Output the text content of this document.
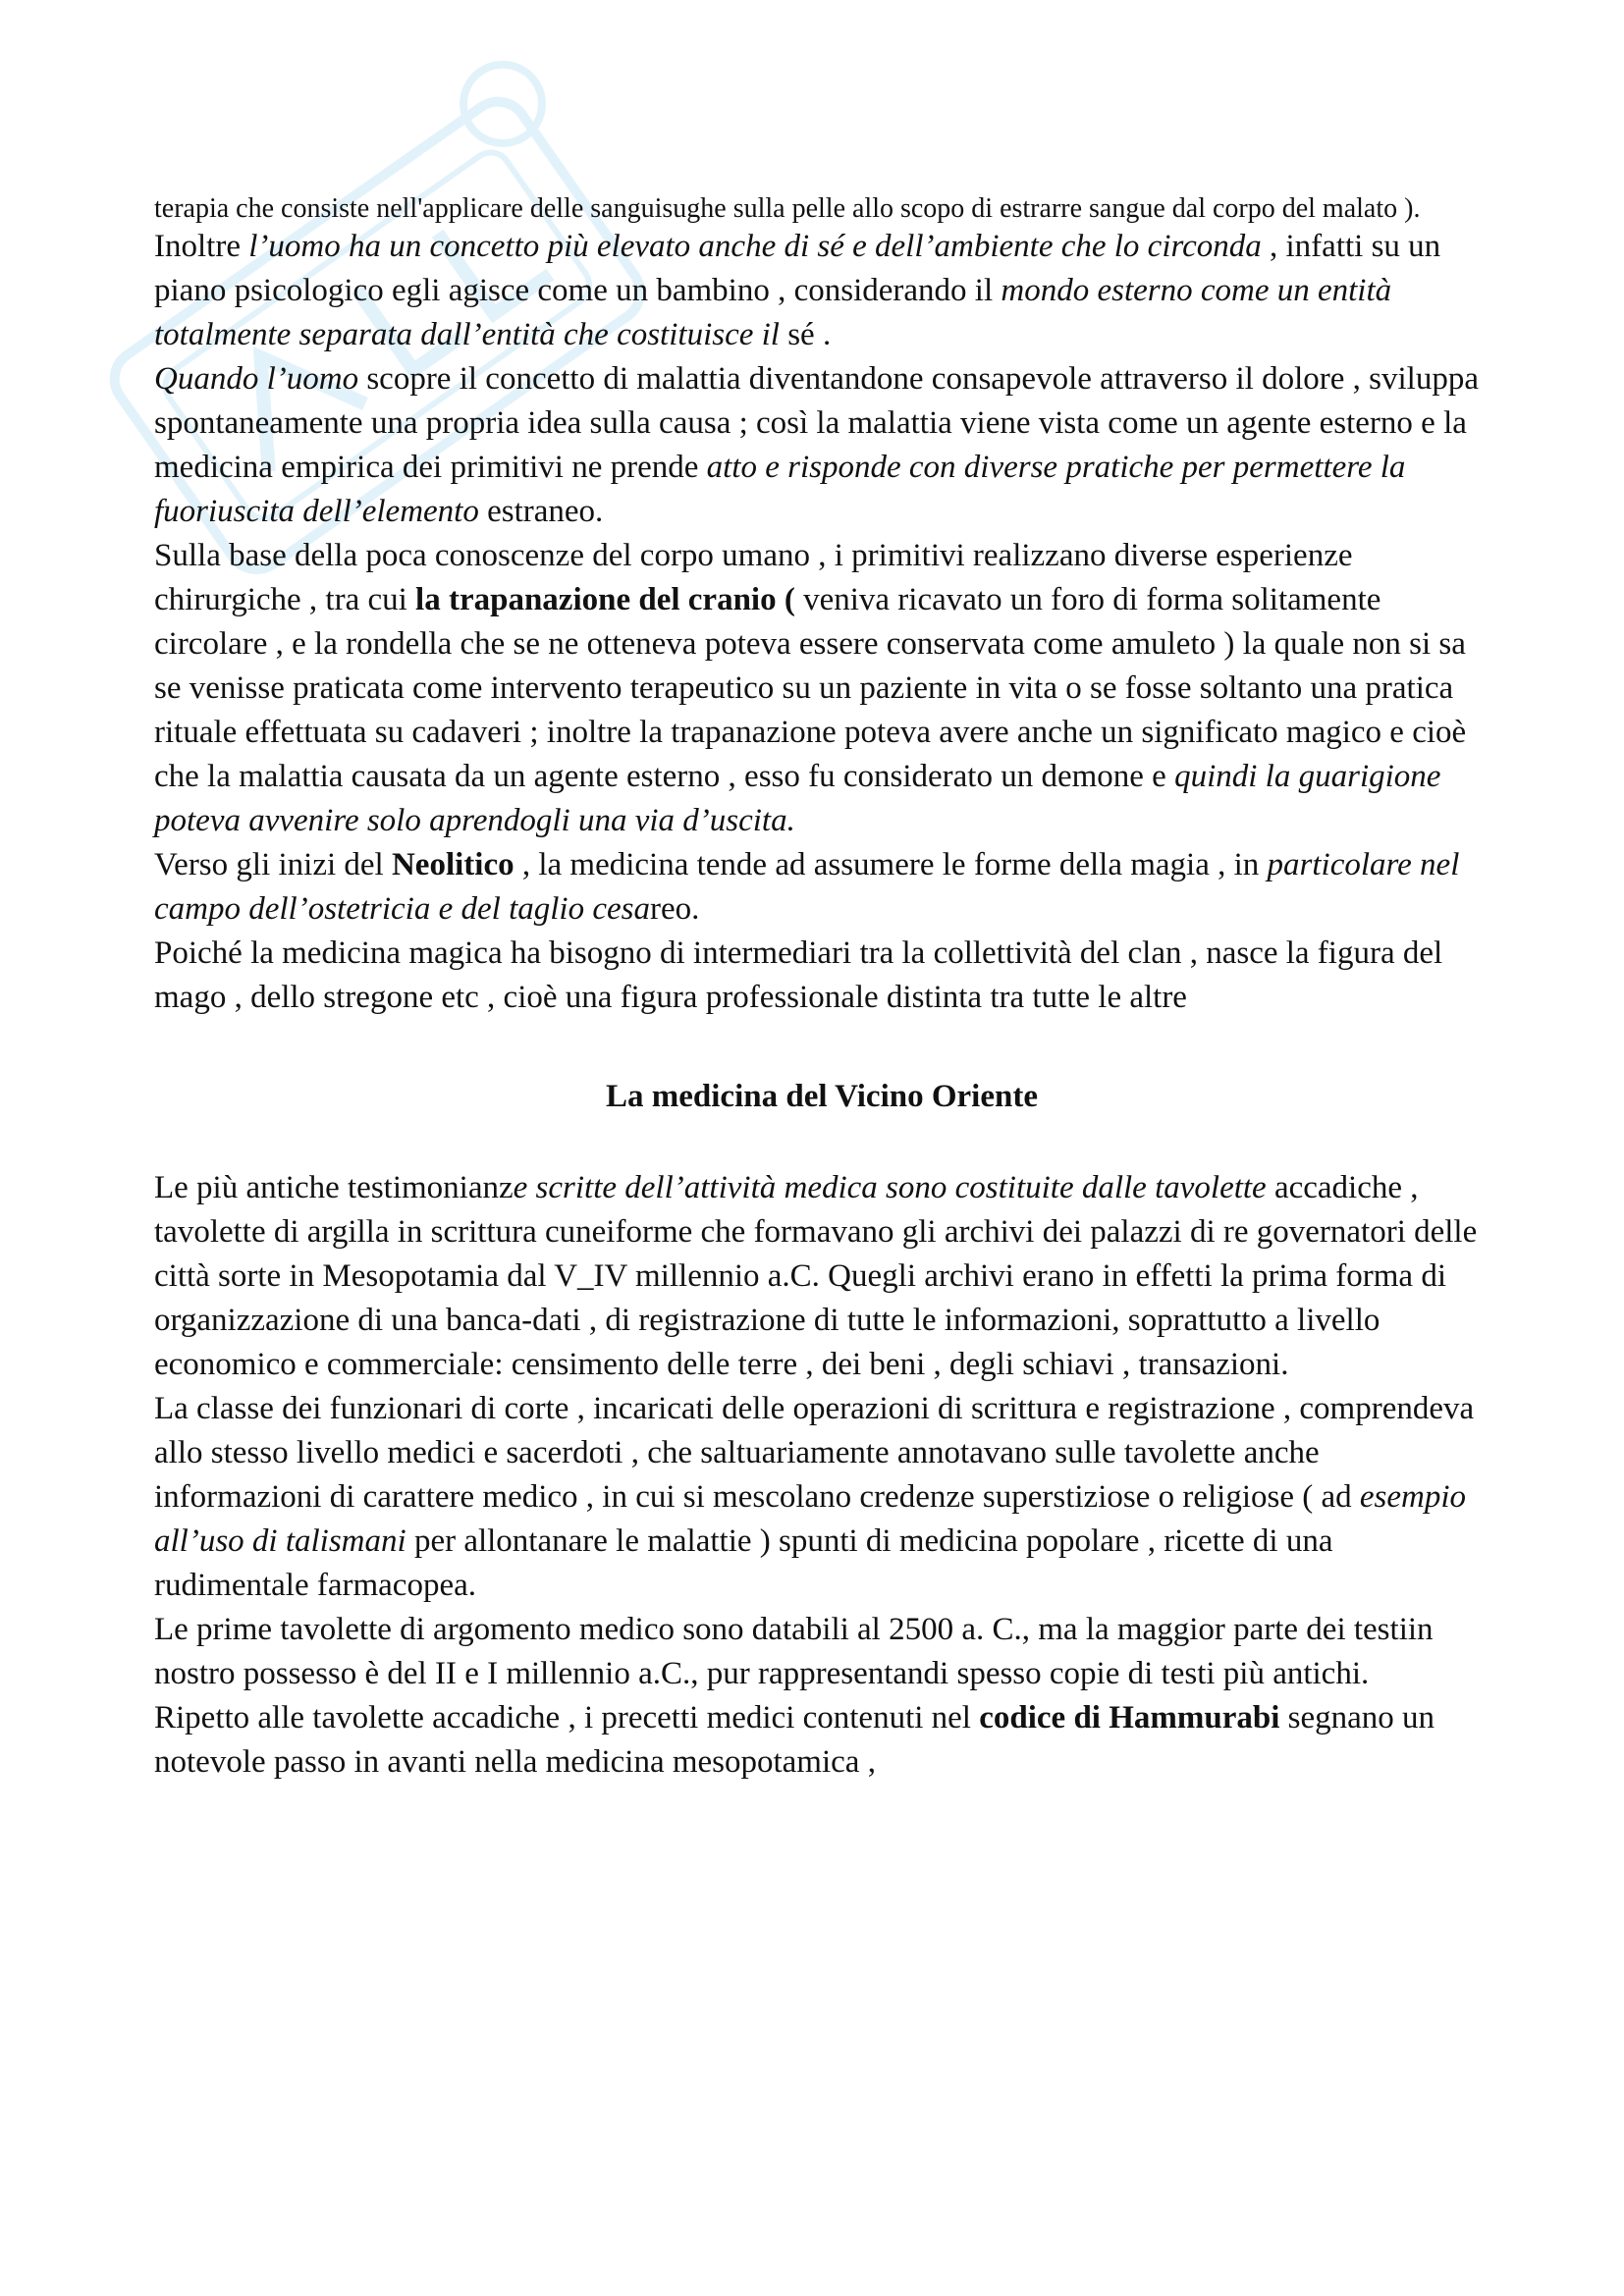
terapia che consiste nell'applicare delle sanguisughe sulla pelle allo scopo di estrarre sangue dal corpo del malato ).

Inoltre l’uomo ha un concetto più elevato anche di sé e dell’ambiente che lo circonda , infatti su un piano psicologico egli agisce come un bambino , considerando il mondo esterno come un entità totalmente separata dall’entità che costituisce il sé .

Quando l’uomo scopre il concetto di malattia diventandone consapevole attraverso il dolore , sviluppa spontaneamente una propria idea sulla causa ; così la malattia viene vista come un agente esterno e la medicina empirica dei primitivi ne prende atto e risponde con diverse pratiche per permettere la fuoriuscita dell’elemento estraneo.

Sulla base della poca conoscenze del corpo umano , i primitivi realizzano diverse esperienze chirurgiche , tra cui la trapanazione del cranio ( veniva ricavato un foro di forma solitamente circolare , e la rondella che se ne otteneva poteva essere conservata come amuleto ) la quale non si sa se venisse praticata come intervento terapeutico su un paziente in vita o se fosse soltanto una pratica rituale effettuata su cadaveri ; inoltre la trapanazione poteva avere anche un significato magico e cioè che la malattia causata da un agente esterno , esso fu considerato un demone e quindi la guarigione poteva avvenire solo aprendogli una via d’uscita.

Verso gli inizi del Neolitico , la medicina tende ad assumere le forme della magia , in particolare nel campo dell’ostetricia e del taglio cesareo.

Poiché la medicina magica ha bisogno di intermediari tra la collettività del clan , nasce la figura del mago , dello stregone etc , cioè una figura professionale distinta tra tutte le altre

La medicina del Vicino Oriente

Le più antiche testimonianze scritte dell’attività medica sono costituite dalle tavolette accadiche , tavolette di argilla in scrittura cuneiforme che formavano gli archivi dei palazzi di re governatori delle città sorte in Mesopotamia dal V_IV millennio a.C. Quegli archivi erano in effetti la prima forma di organizzazione di una banca-dati , di registrazione di tutte le informazioni, soprattutto a livello economico e commerciale: censimento delle terre , dei beni , degli schiavi , transazioni.

La classe dei funzionari di corte , incaricati delle operazioni di scrittura e registrazione , comprendeva allo stesso livello medici e sacerdoti , che saltuariamente annotavano sulle tavolette anche informazioni di carattere medico , in cui si mescolano credenze superstiziose o religiose ( ad esempio all’uso di talismani per allontanare le malattie ) spunti di medicina popolare , ricette di una rudimentale farmacopea.

Le prime tavolette di argomento medico sono databili al 2500 a. C., ma la maggior parte dei testiin nostro possesso è del II e I millennio a.C., pur rappresentandi spesso copie di testi più antichi.

Ripetto alle tavolette accadiche , i precetti medici contenuti nel codice di Hammurabi segnano un notevole passo in avanti nella medicina mesopotamica ,
